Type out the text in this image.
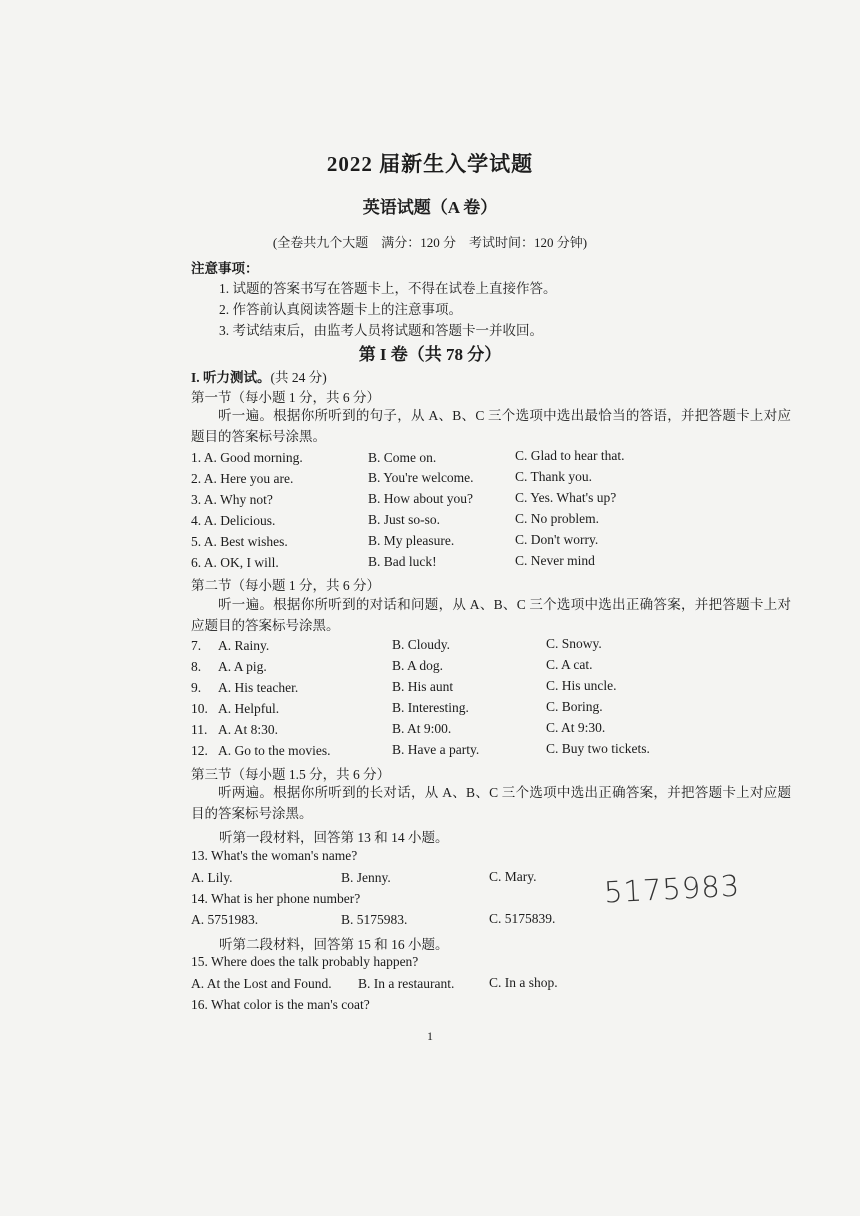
2022 届新生入学试题
英语试题（A 卷）
(全卷共九个大题　满分：120 分　考试时间：120 分钟)
注意事项：
1. 试题的答案书写在答题卡上，不得在试卷上直接作答。
2. 作答前认真阅读答题卡上的注意事项。
3. 考试结束后，由监考人员将试题和答题卡一并收回。
第 I 卷（共 78 分）
I. 听力测试。(共 24 分)
第一节（每小题 1 分，共 6 分）
听一遍。根据你所听到的句子，从 A、B、C 三个选项中选出最恰当的答语，并把答题卡上对应题目的答案标号涂黑。
1. A. Good morning.	B. Come on.	C. Glad to hear that.
2. A. Here you are.	B. You're welcome.	C. Thank you.
3. A. Why not?	B. How about you?	C. Yes. What's up?
4. A. Delicious.	B. Just so-so.	C. No problem.
5. A. Best wishes.	B. My pleasure.	C. Don't worry.
6. A. OK, I will.	B. Bad luck!	C. Never mind
第二节（每小题 1 分，共 6 分）
听一遍。根据你所听到的对话和问题，从 A、B、C 三个选项中选出正确答案，并把答题卡上对应题目的答案标号涂黑。
7. A. Rainy.	B. Cloudy.	C. Snowy.
8. A. A pig.	B. A dog.	C. A cat.
9. A. His teacher.	B. His aunt	C. His uncle.
10. A. Helpful.	B. Interesting.	C. Boring.
11. A. At 8:30.	B. At 9:00.	C. At 9:30.
12. A. Go to the movies.	B. Have a party.	C. Buy two tickets.
第三节（每小题 1.5 分，共 6 分）
听两遍。根据你所听到的长对话，从 A、B、C 三个选项中选出正确答案，并把答题卡上对应题目的答案标号涂黑。
听第一段材料，回答第 13 和 14 小题。
13. What's the woman's name?
A. Lily.	B. Jenny.	C. Mary.
14. What is her phone number?
A. 5751983.	B. 5175983.	C. 5175839.
5175983
听第二段材料，回答第 15 和 16 小题。
15. Where does the talk probably happen?
A. At the Lost and Found. B. In a restaurant.	C. In a shop.
16. What color is the man's coat?
1
